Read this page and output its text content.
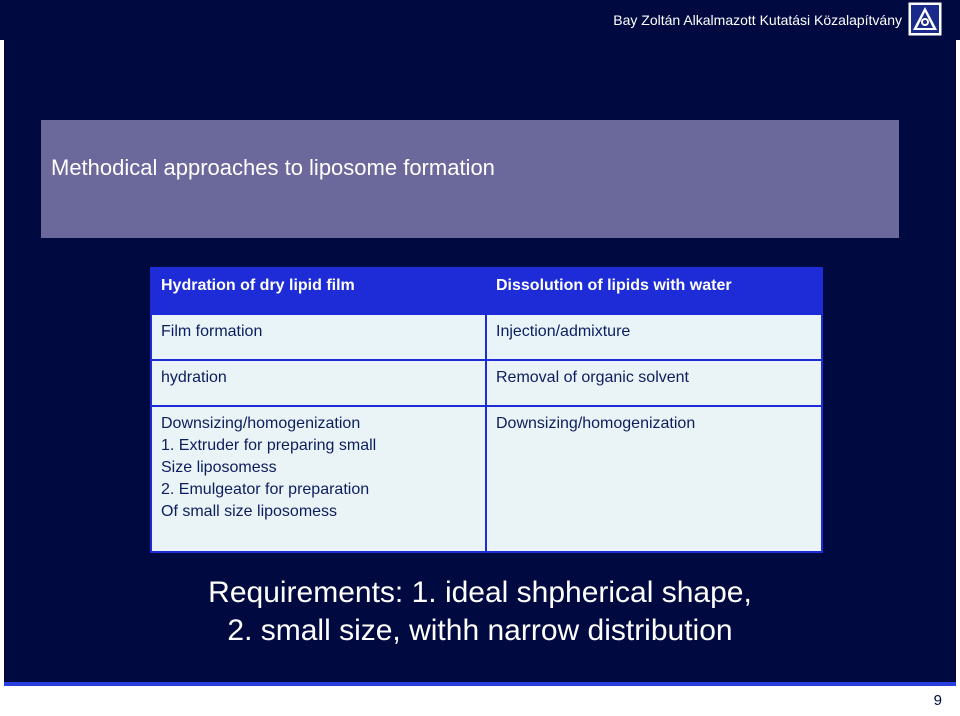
Bay Zoltán Alkalmazott Kutatási Közalapítvány
Methodical approaches to liposome formation
Hydration of dry lipid film	Dissolution of lipids with water
Film formation	Injection/admixture
hydration	Removal of organic solvent

Downsizing/homogenization
1. Extruder for preparing small
Size liposomess
2. Emulgeator for preparation
Of small size liposomess	Downsizing/homogenization
Requirements: 1. ideal shpherical shape,
2. small size, withh narrow distribution
9
